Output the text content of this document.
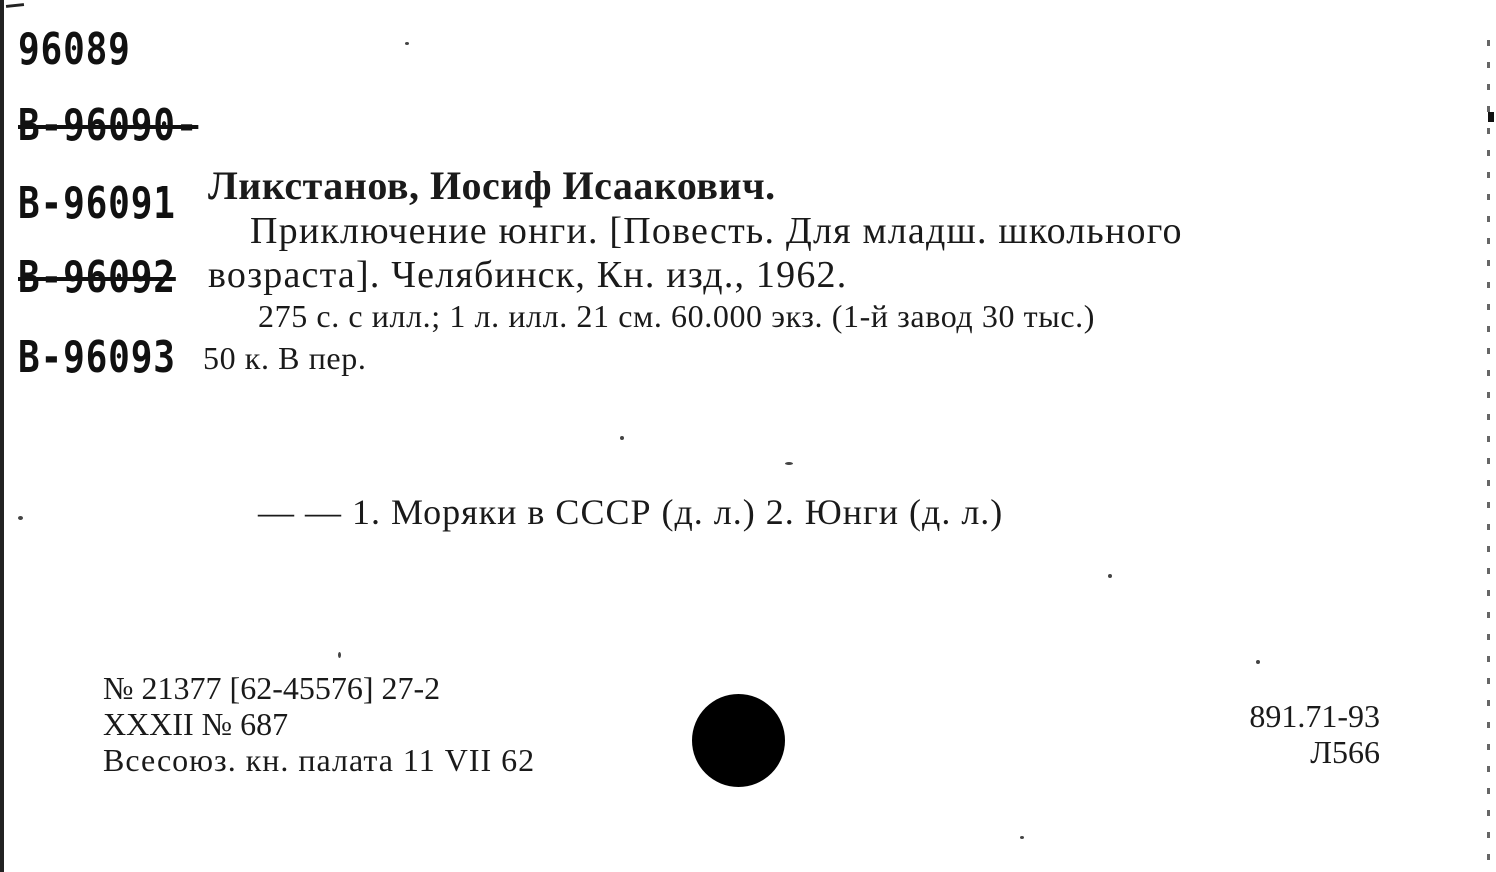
96089
В-96090-
В-96091
В-96092
В-96093
Ликстанов, Иосиф Исаакович.
Приключение юнги. [Повесть. Для младш. школьного
возраста]. Челябинск, Кн. изд., 1962.
275 с. с илл.; 1 л. илл. 21 см. 60.000 экз. (1-й завод 30 тыс.)
50 к. В пер.
— — 1. Моряки в СССР (д. л.) 2. Юнги (д. л.)
№ 21377 [62-45576] 27-2
XXXII № 687
Всесоюз. кн. палата 11 VII 62
891.71-93
Л566
